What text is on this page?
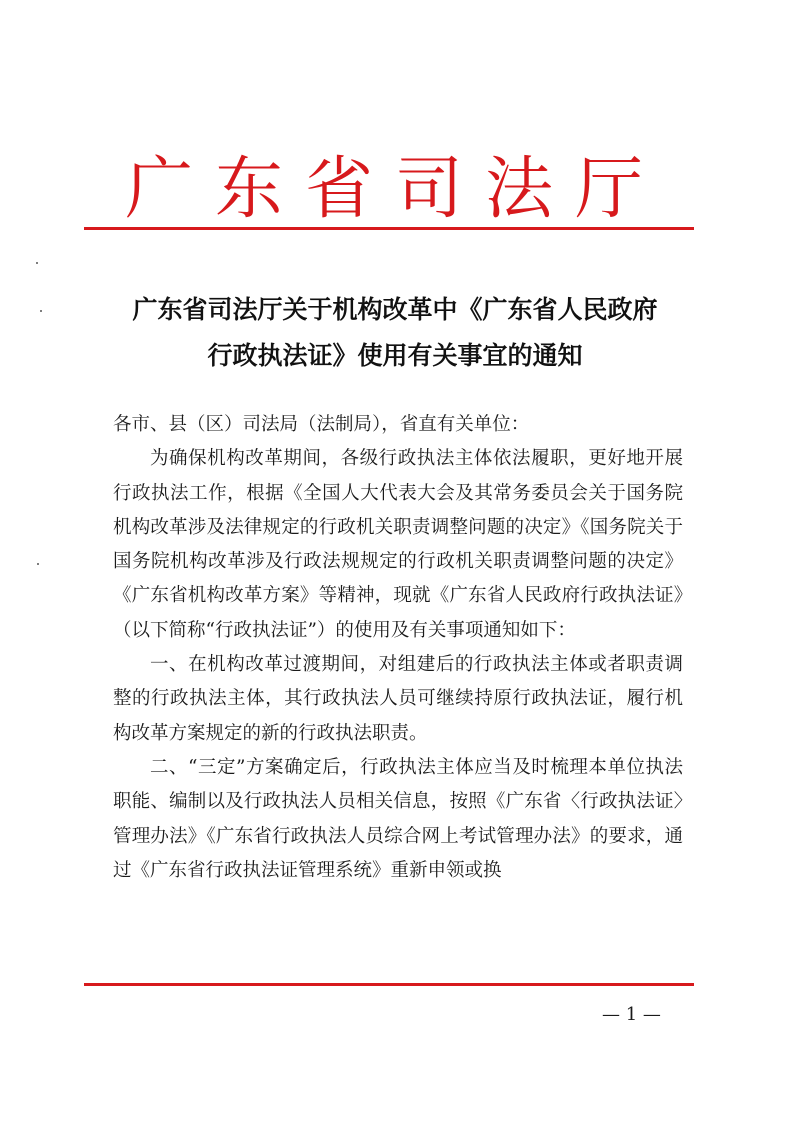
广东省司法厅
广东省司法厅关于机构改革中《广东省人民政府
行政执法证》使用有关事宜的通知

各市、县（区）司法局（法制局），省直有关单位：

为确保机构改革期间，各级行政执法主体依法履职，更好地开展行政执法工作，根据《全国人大代表大会及其常务委员会关于国务院机构改革涉及法律规定的行政机关职责调整问题的决定》《国务院关于国务院机构改革涉及行政法规规定的行政机关职责调整问题的决定》《广东省机构改革方案》等精神，现就《广东省人民政府行政执法证》（以下简称“行政执法证”）的使用及有关事项通知如下：

一、在机构改革过渡期间，对组建后的行政执法主体或者职责调整的行政执法主体，其行政执法人员可继续持原行政执法证，履行机构改革方案规定的新的行政执法职责。

二、“三定”方案确定后，行政执法主体应当及时梳理本单位执法职能、编制以及行政执法人员相关信息，按照《广东省〈行政执法证〉管理办法》《广东省行政执法人员综合网上考试管理办法》的要求，通过《广东省行政执法证管理系统》重新申领或换

— 1 —
